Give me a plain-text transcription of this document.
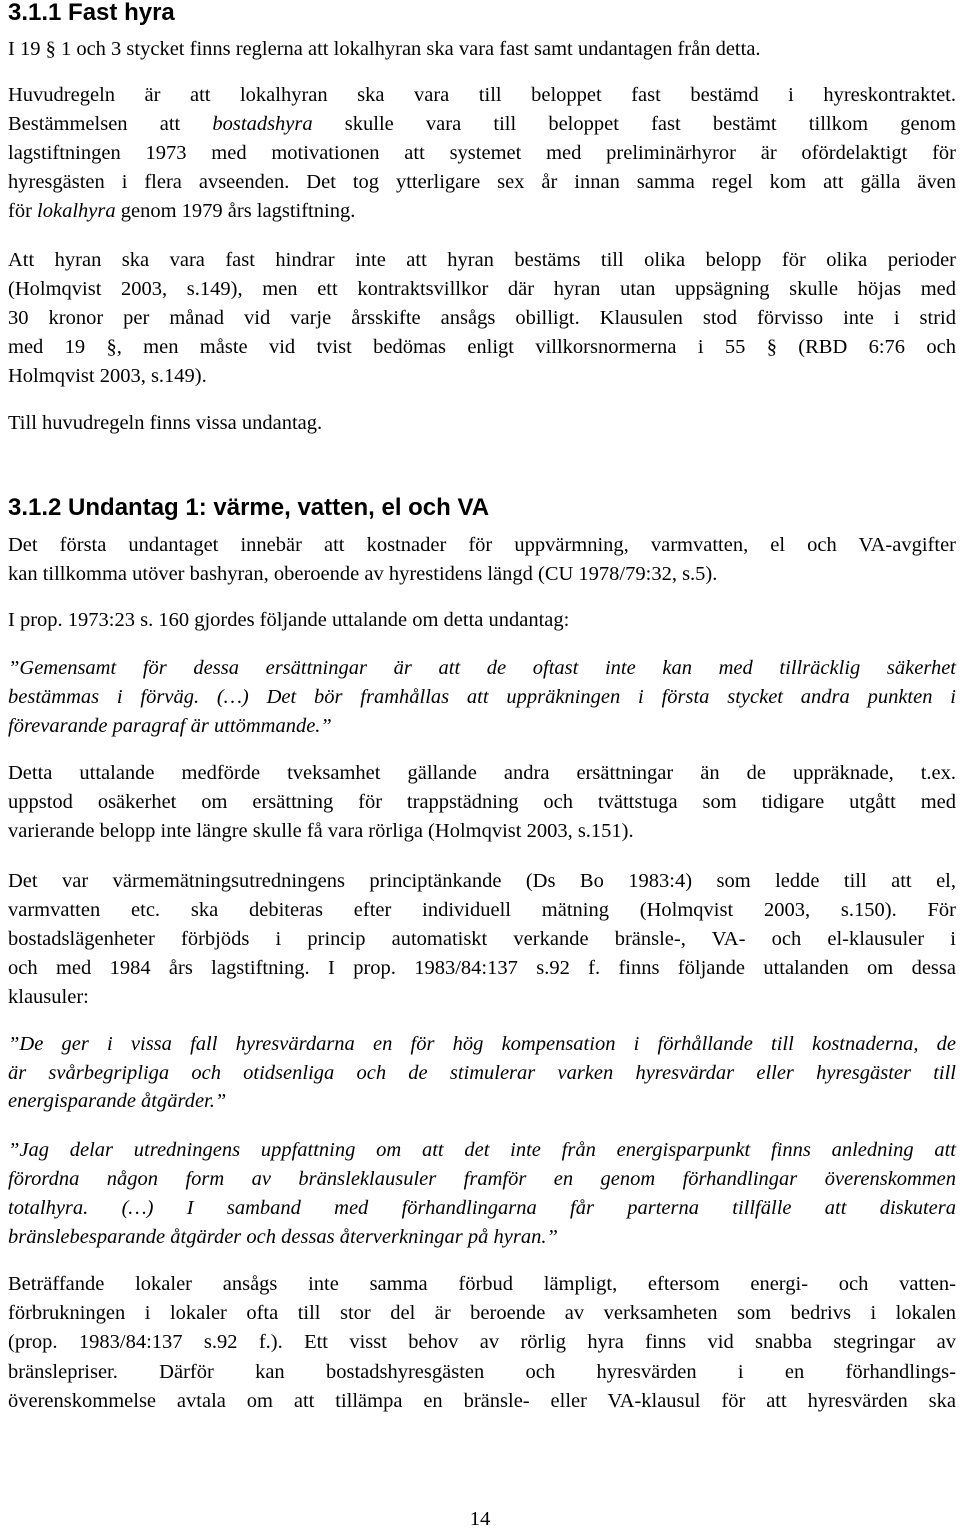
3.1.1 Fast hyra

I 19 § 1 och 3 stycket finns reglerna att lokalhyran ska vara fast samt undantagen från detta.

Huvudregeln är att lokalhyran ska vara till beloppet fast bestämd i hyreskontraktet.
Bestämmelsen att bostadshyra skulle vara till beloppet fast bestämt tillkom genom
lagstiftningen 1973 med motivationen att systemet med preliminärhyror är ofördelaktigt för
hyresgästen i flera avseenden. Det tog ytterligare sex år innan samma regel kom att gälla även
för lokalhyra genom 1979 års lagstiftning.

Att hyran ska vara fast hindrar inte att hyran bestäms till olika belopp för olika perioder
(Holmqvist 2003, s.149), men ett kontraktsvillkor där hyran utan uppsägning skulle höjas med
30 kronor per månad vid varje årsskifte ansågs obilligt. Klausulen stod förvisso inte i strid
med 19 §, men måste vid tvist bedömas enligt villkorsnormerna i 55 § (RBD 6:76 och
Holmqvist 2003, s.149).

Till huvudregeln finns vissa undantag.

3.1.2 Undantag 1: värme, vatten, el och VA

Det första undantaget innebär att kostnader för uppvärmning, varmvatten, el och VA-avgifter
kan tillkomma utöver bashyran, oberoende av hyrestidens längd (CU 1978/79:32, s.5).

I prop. 1973:23 s. 160 gjordes följande uttalande om detta undantag:

”Gemensamt för dessa ersättningar är att de oftast inte kan med tillräcklig säkerhet
bestämmas i förväg. (…) Det bör framhållas att uppräkningen i första stycket andra punkten i
förevarande paragraf är uttömmande.”

Detta uttalande medförde tveksamhet gällande andra ersättningar än de uppräknade, t.ex.
uppstod osäkerhet om ersättning för trappstädning och tvättstuga som tidigare utgått med
varierande belopp inte längre skulle få vara rörliga (Holmqvist 2003, s.151).

Det var värmemätningsutredningens principtänkande (Ds Bo 1983:4) som ledde till att el,
varmvatten etc. ska debiteras efter individuell mätning (Holmqvist 2003, s.150). För
bostadslägenheter förbjöds i princip automatiskt verkande bränsle-, VA- och el-klausuler i
och med 1984 års lagstiftning. I prop. 1983/84:137 s.92 f. finns följande uttalanden om dessa
klausuler:

”De ger i vissa fall hyresvärdarna en för hög kompensation i förhållande till kostnaderna, de
är svårbegripliga och otidsenliga och de stimulerar varken hyresvärdar eller hyresgäster till
energisparande åtgärder.”
”Jag delar utredningens uppfattning om att det inte från energisparpunkt finns anledning att
förordna någon form av bränsleklausuler framför en genom förhandlingar överenskommen
totalhyra. (…) I samband med förhandlingarna får parterna tillfälle att diskutera
bränslebesparande åtgärder och dessas återverkningar på hyran.”

Beträffande lokaler ansågs inte samma förbud lämpligt, eftersom energi- och vatten-
förbrukningen i lokaler ofta till stor del är beroende av verksamheten som bedrivs i lokalen
(prop. 1983/84:137 s.92 f.). Ett visst behov av rörlig hyra finns vid snabba stegringar av
bränslepriser. Därför kan bostadshyresgästen och hyresvärden i en förhandlings-
överenskommelse avtala om att tillämpa en bränsle- eller VA-klausul för att hyresvärden ska

14
